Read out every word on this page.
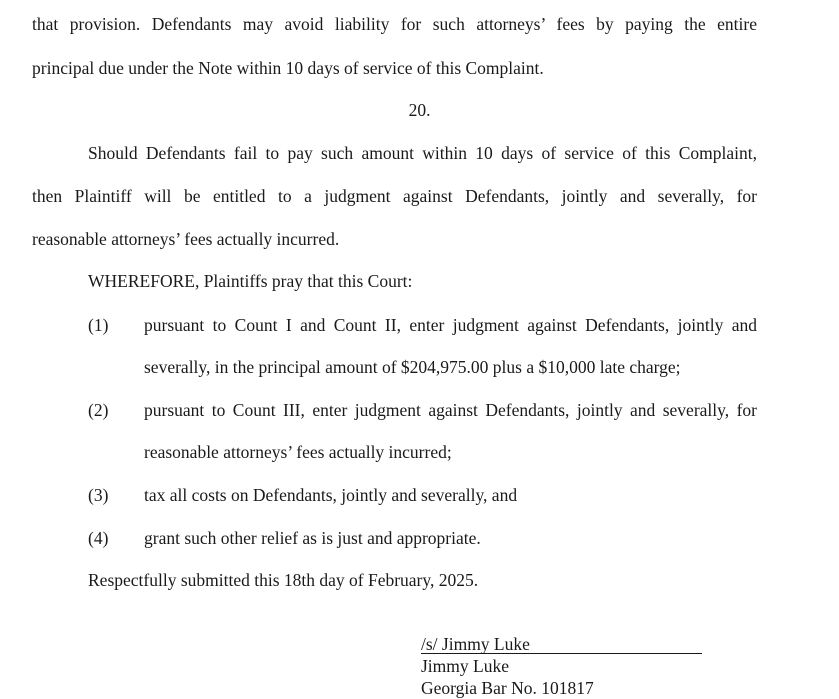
that provision. Defendants may avoid liability for such attorneys’ fees by paying the entire
principal due under the Note within 10 days of service of this Complaint.
20.
Should Defendants fail to pay such amount within 10 days of service of this Complaint,
then Plaintiff will be entitled to a judgment against Defendants, jointly and severally, for
reasonable attorneys’ fees actually incurred.
WHEREFORE, Plaintiffs pray that this Court:
(1) pursuant to Count I and Count II, enter judgment against Defendants, jointly and
severally, in the principal amount of $204,975.00 plus a $10,000 late charge;
(2) pursuant to Count III, enter judgment against Defendants, jointly and severally, for
reasonable attorneys’ fees actually incurred;
(3) tax all costs on Defendants, jointly and severally, and
(4) grant such other relief as is just and appropriate.
Respectfully submitted this 18th day of February, 2025.
/s/ Jimmy Luke
Jimmy Luke
Georgia Bar No. 101817
